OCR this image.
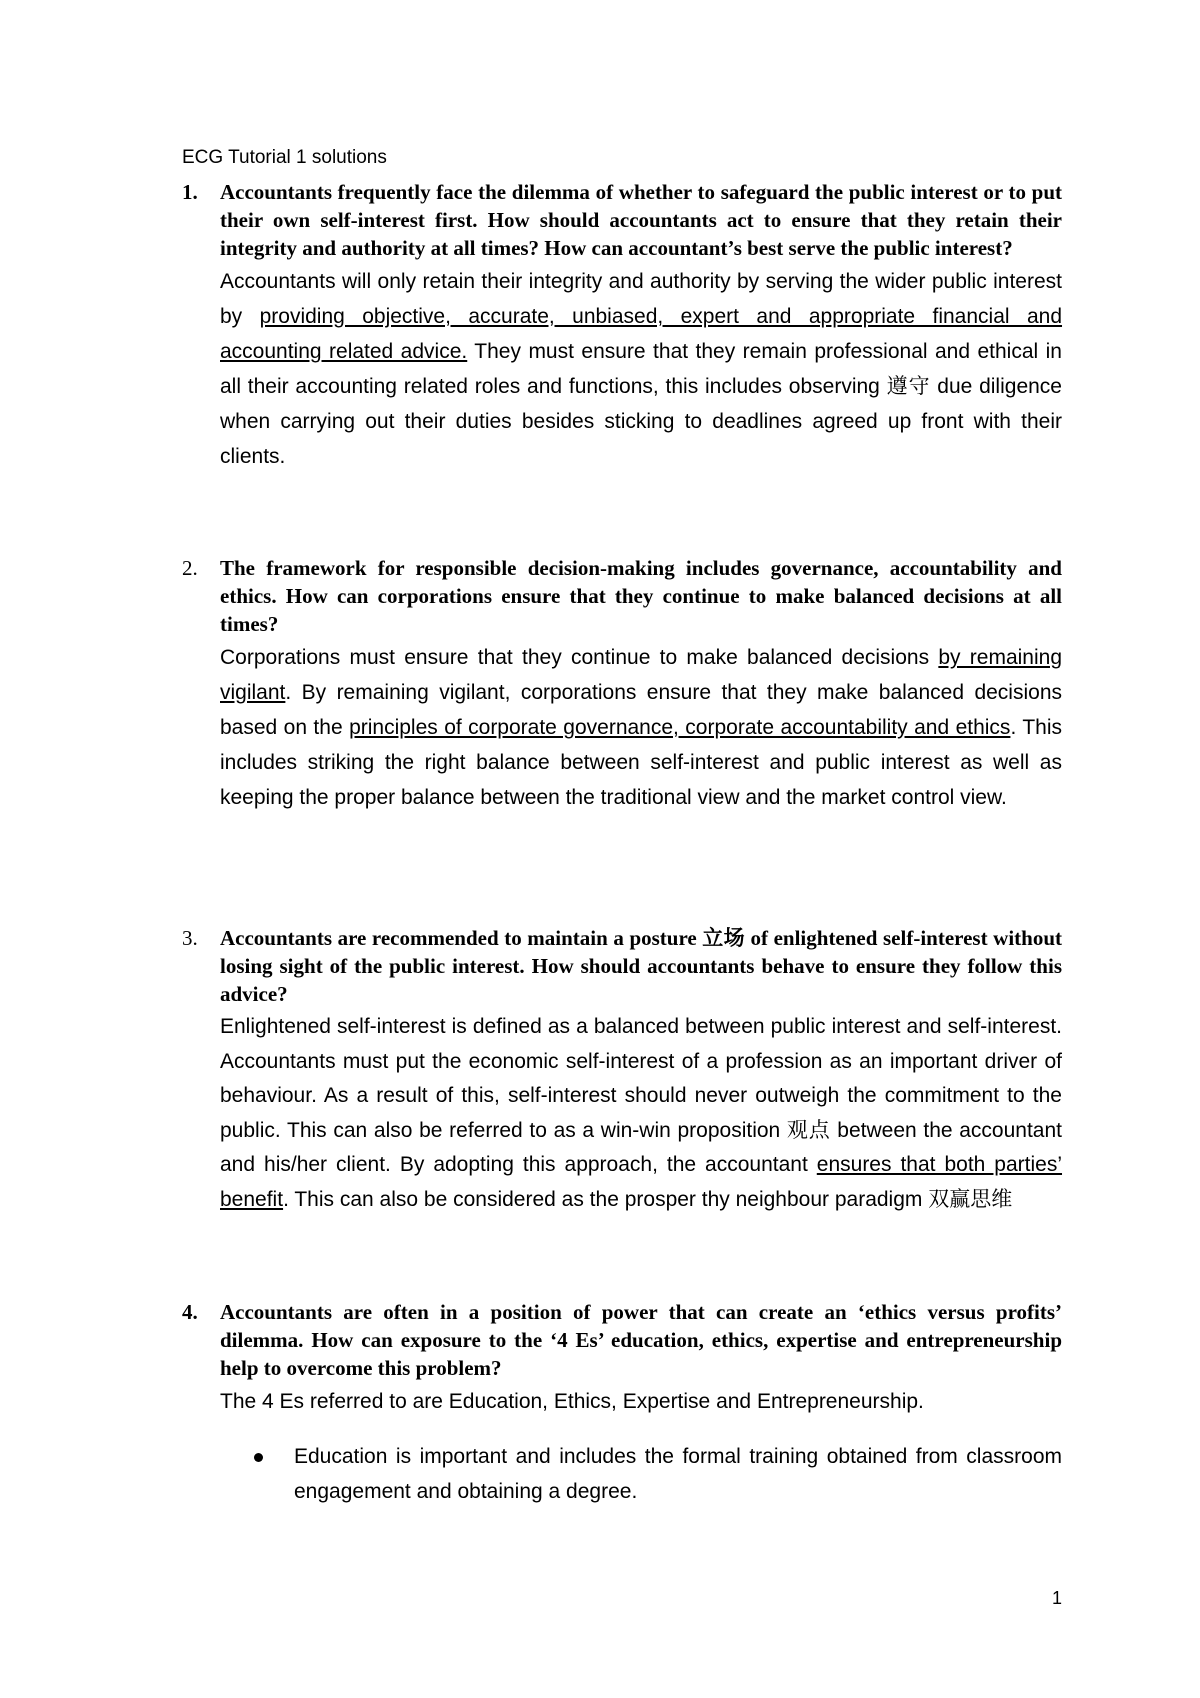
ECG Tutorial 1 solutions
1.	Accountants frequently face the dilemma of whether to safeguard the public interest or to put their own self-interest first. How should accountants act to ensure that they retain their integrity and authority at all times? How can accountant’s best serve the public interest?
Accountants will only retain their integrity and authority by serving the wider public interest by providing objective, accurate, unbiased, expert and appropriate financial and accounting related advice. They must ensure that they remain professional and ethical in all their accounting related roles and functions, this includes observing 遵守 due diligence when carrying out their duties besides sticking to deadlines agreed up front with their clients.
2.	The framework for responsible decision-making includes governance, accountability and ethics. How can corporations ensure that they continue to make balanced decisions at all times?
Corporations must ensure that they continue to make balanced decisions by remaining vigilant. By remaining vigilant, corporations ensure that they make balanced decisions based on the principles of corporate governance, corporate accountability and ethics. This includes striking the right balance between self-interest and public interest as well as keeping the proper balance between the traditional view and the market control view.
3.	Accountants are recommended to maintain a posture 立场 of enlightened self-interest without losing sight of the public interest. How should accountants behave to ensure they follow this advice?
Enlightened self-interest is defined as a balanced between public interest and self-interest. Accountants must put the economic self-interest of a profession as an important driver of behaviour. As a result of this, self-interest should never outweigh the commitment to the public. This can also be referred to as a win-win proposition 观点 between the accountant and his/her client. By adopting this approach, the accountant ensures that both parties’ benefit. This can also be considered as the prosper thy neighbour paradigm 双赢思维
4.	Accountants are often in a position of power that can create an ‘ethics versus profits’ dilemma. How can exposure to the ‘4 Es’ education, ethics, expertise and entrepreneurship help to overcome this problem?
The 4 Es referred to are Education, Ethics, Expertise and Entrepreneurship.
Education is important and includes the formal training obtained from classroom engagement and obtaining a degree.
1
